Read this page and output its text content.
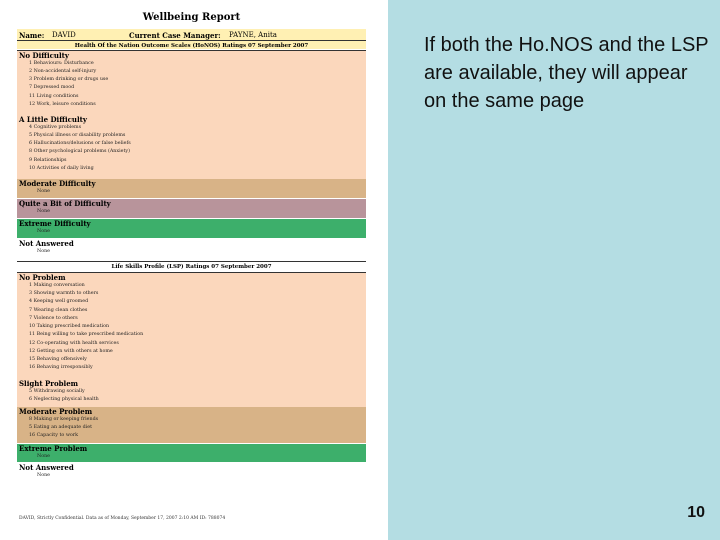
Wellbeing Report
Name: DAVID	Current Case Manager: PAYNE, Anita
Health Of the Nation Outcome Scales (HoNOS) Ratings 07 September 2007
No Difficulty
1 Behaviours: Disturbance
2 Non-accidental self-injury
3 Problem drinking or drugs use
7 Depressed mood
11 Living conditions
12 Work, leisure conditions
A Little Difficulty
4 Cognitive problems
5 Physical illness or disability problems
6 Hallucinations/delusions or false beliefs
8 Other psychological problems (Anxiety)
9 Relationships
10 Activities of daily living
Moderate Difficulty
None
Quite a Bit of Difficulty
None
Extreme Difficulty
None
Not Answered
None
Life Skills Profile (LSP) Ratings 07 September 2007
No Problem
1 Making conversation
3 Showing warmth to others
4 Keeping well groomed
7 Wearing clean clothes
7 Violence to others
10 Taking prescribed medication
11 Being willing to take prescribed medication
12 Co-operating with health services
12 Getting on with others at home
15 Behaving offensively
16 Behaving irresponsibly
Slight Problem
5 Withdrawing socially
6 Neglecting physical health
Moderate Problem
8 Making or keeping friends
5 Eating an adequate diet
16 Capacity to work
Extreme Problem
None
Not Answered
None
DAVID, Strictly Confidential. Data as of Monday, September 17, 2007 2:10 AM ID: 788074
If both the Ho.NOS and the LSP are available, they will appear on the same page
10
